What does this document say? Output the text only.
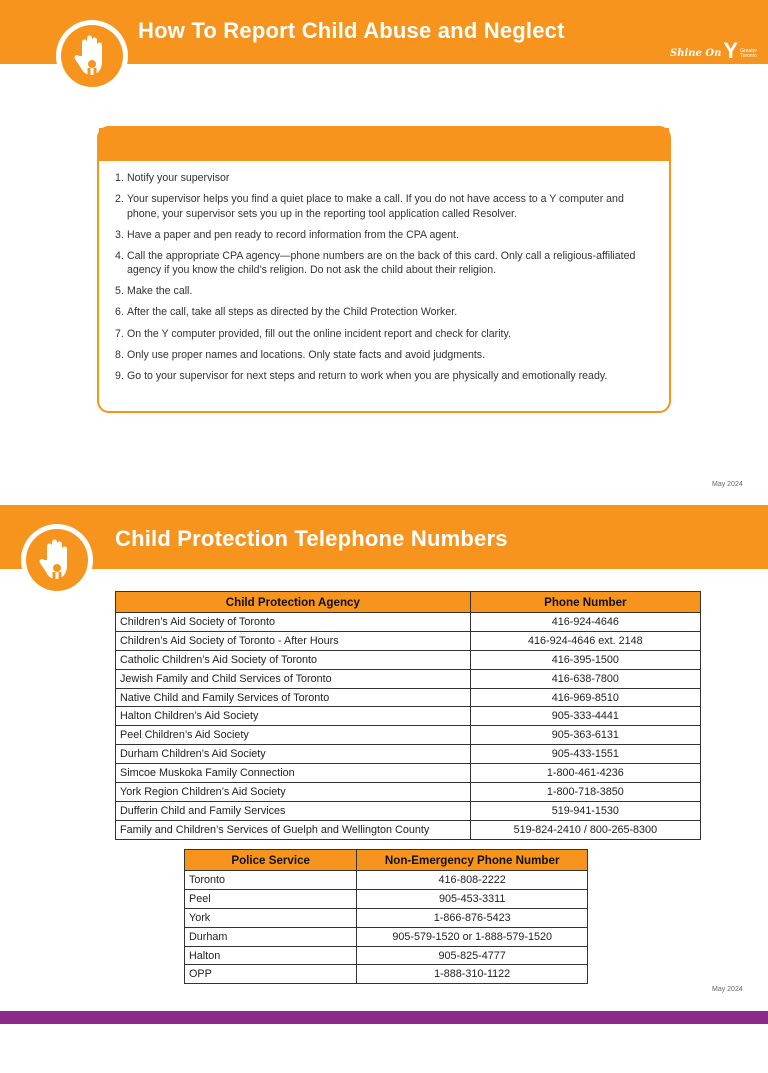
How To Report Child Abuse and Neglect
Shine OnY Greater
Toronto
1. Notify your supervisor
2. Your supervisor helps you find a quiet place to make a call. If you do not have access to a Y computer and phone, your supervisor sets you up in the reporting tool application called Resolver.
3. Have a paper and pen ready to record information from the CPA agent.
4. Call the appropriate CPA agency—phone numbers are on the back of this card. Only call a religious-affiliated agency if you know the child’s religion. Do not ask the child about their religion.
5. Make the call.
6. After the call, take all steps as directed by the Child Protection Worker.
7. On the Y computer provided, fill out the online incident report and check for clarity.
8. Only use proper names and locations. Only state facts and avoid judgments.
9. Go to your supervisor for next steps and return to work when you are physically and emotionally ready.
May 2024
Child Protection Telephone Numbers
Shine OnY Greater
Toronto
Child Protection Agency	Phone Number
Children’s Aid Society of Toronto	416-924-4646
Children’s Aid Society of Toronto - After Hours	416-924-4646 ext. 2148
Catholic Children’s Aid Society of Toronto	416-395-1500
Jewish Family and Child Services of Toronto	416-638-7800
Native Child and Family Services of Toronto	416-969-8510
Halton Children’s Aid Society	905-333-4441
Peel Children’s Aid Society	905-363-6131
Durham Children’s Aid Society	905-433-1551
Simcoe Muskoka Family Connection	1-800-461-4236
York Region Children’s Aid Society	1-800-718-3850
Dufferin Child and Family Services	519-941-1530
Family and Children’s Services of Guelph and Wellington County	519-824-2410 / 800-265-8300
Police Service	Non-Emergency Phone Number
Toronto	416-808-2222
Peel	905-453-3311
York	1-866-876-5423
Durham	905-579-1520 or 1-888-579-1520
Halton	905-825-4777
OPP	1-888-310-1122
May 2024
